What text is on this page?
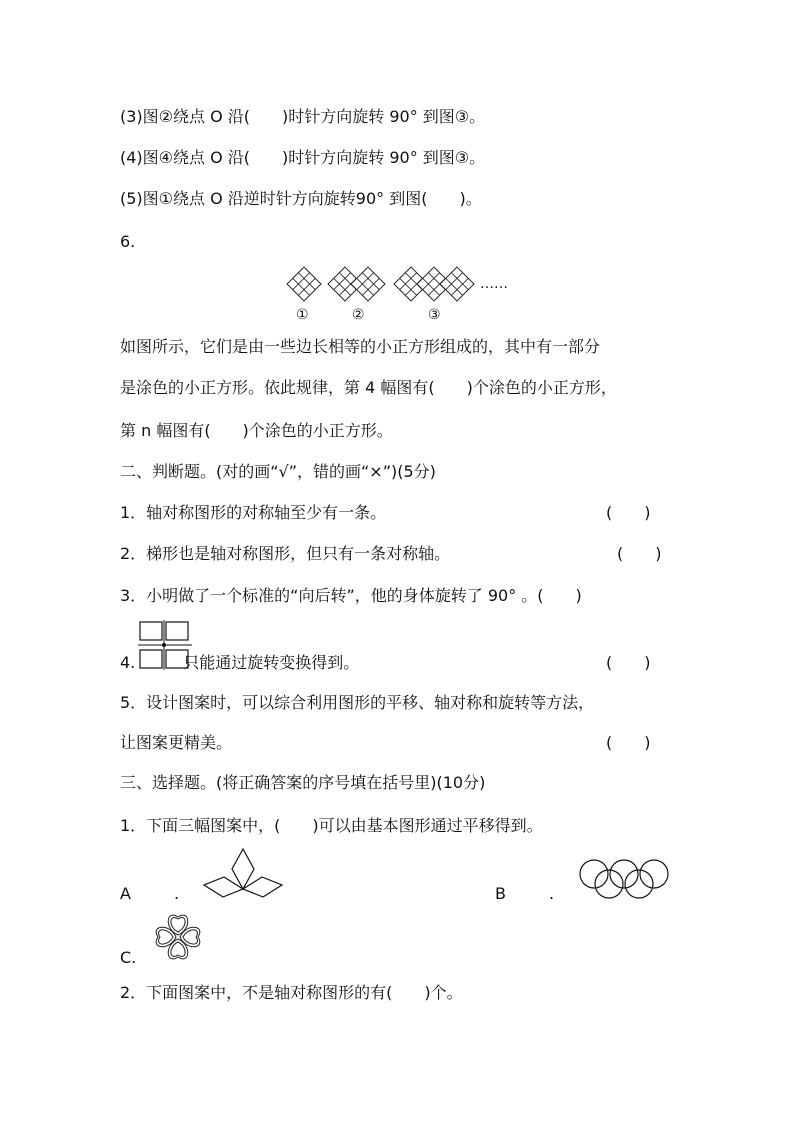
(3)图②绕点 O 沿(　　)时针方向旋转 90° 到图③。
(4)图④绕点 O 沿(　　)时针方向旋转 90° 到图③。
(5)图①绕点 O 沿逆时针方向旋转90° 到图(　　)。
6.
……
①	②	③
如图所示，它们是由一些边长相等的小正方形组成的，其中有一部分
是涂色的小正方形。依此规律，第 4 幅图有(　　)个涂色的小正方形，
第 n 幅图有(　　)个涂色的小正方形。
二、判断题。(对的画“√”，错的画“×”)(5分)
1．轴对称图形的对称轴至少有一条。	(　　)
2．梯形也是轴对称图形，但只有一条对称轴。	(　　)
3．小明做了一个标准的“向后转”，他的身体旋转了 90° 。(　　)
4.　　　只能通过旋转变换得到。	(　　)
5．设计图案时，可以综合利用图形的平移、轴对称和旋转等方法，
让图案更精美。	(　　)
三、选择题。(将正确答案的序号填在括号里)(10分)
1．下面三幅图案中，(　　)可以由基本图形通过平移得到。
A	.	B	.
C.
2．下面图案中，不是轴对称图形的有(　　)个。
